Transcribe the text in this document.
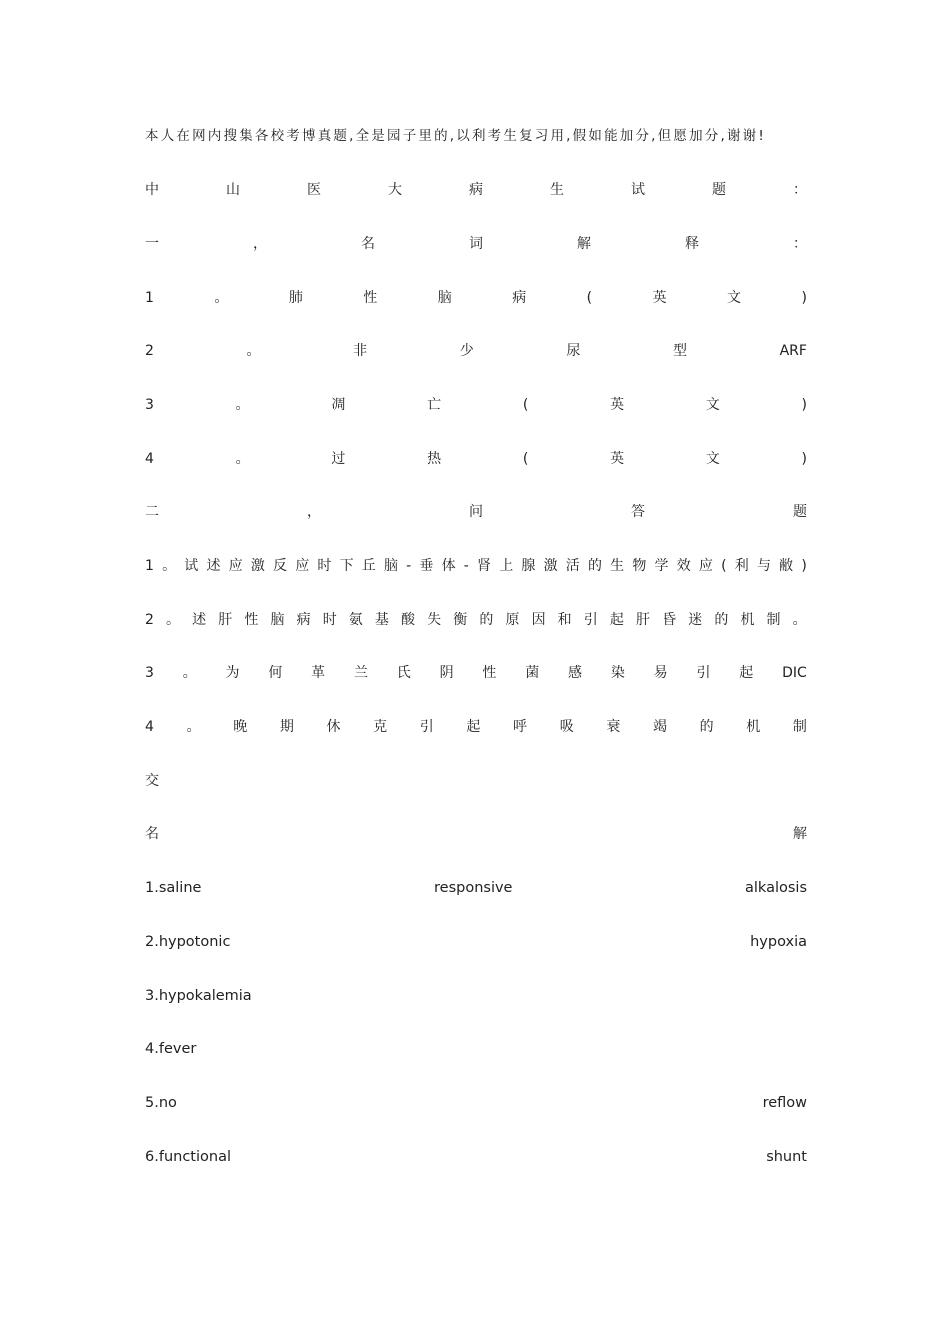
本人在网内搜集各校考博真题,全是园子里的,以利考生复习用,假如能加分,但愿加分,谢谢!
中	山	医	大	病	生	试	题	：
一	，	名	词	解	释	：
1	。	肺	性	脑	病	(	英	文	)
2	。	非	少	尿	型	ARF
3	。	凋	亡	(	英	文	)
4	。	过	热	(	英	文	)
二	，	问	答	题
1 。 试 述 应 激 反 应 时 下 丘 脑 - 垂 体 - 肾 上 腺 激 活 的 生 物 学 效 应 ( 利 与 敝 )
2 。 述 肝 性 脑 病 时 氨 基 酸 失 衡 的 原 因 和 引 起 肝 昏 迷 的 机 制 。
3 。 为 何 革 兰 氏 阴 性 菌 感 染 易 引 起 DIC
4 。 晚 期 休 克 引 起 呼 吸 衰 竭 的 机 制
交
名	解
1.saline	responsive	alkalosis
2.hypotonic	hypoxia
3.hypokalemia
4.fever
5.no	reflow
6.functional	shunt
